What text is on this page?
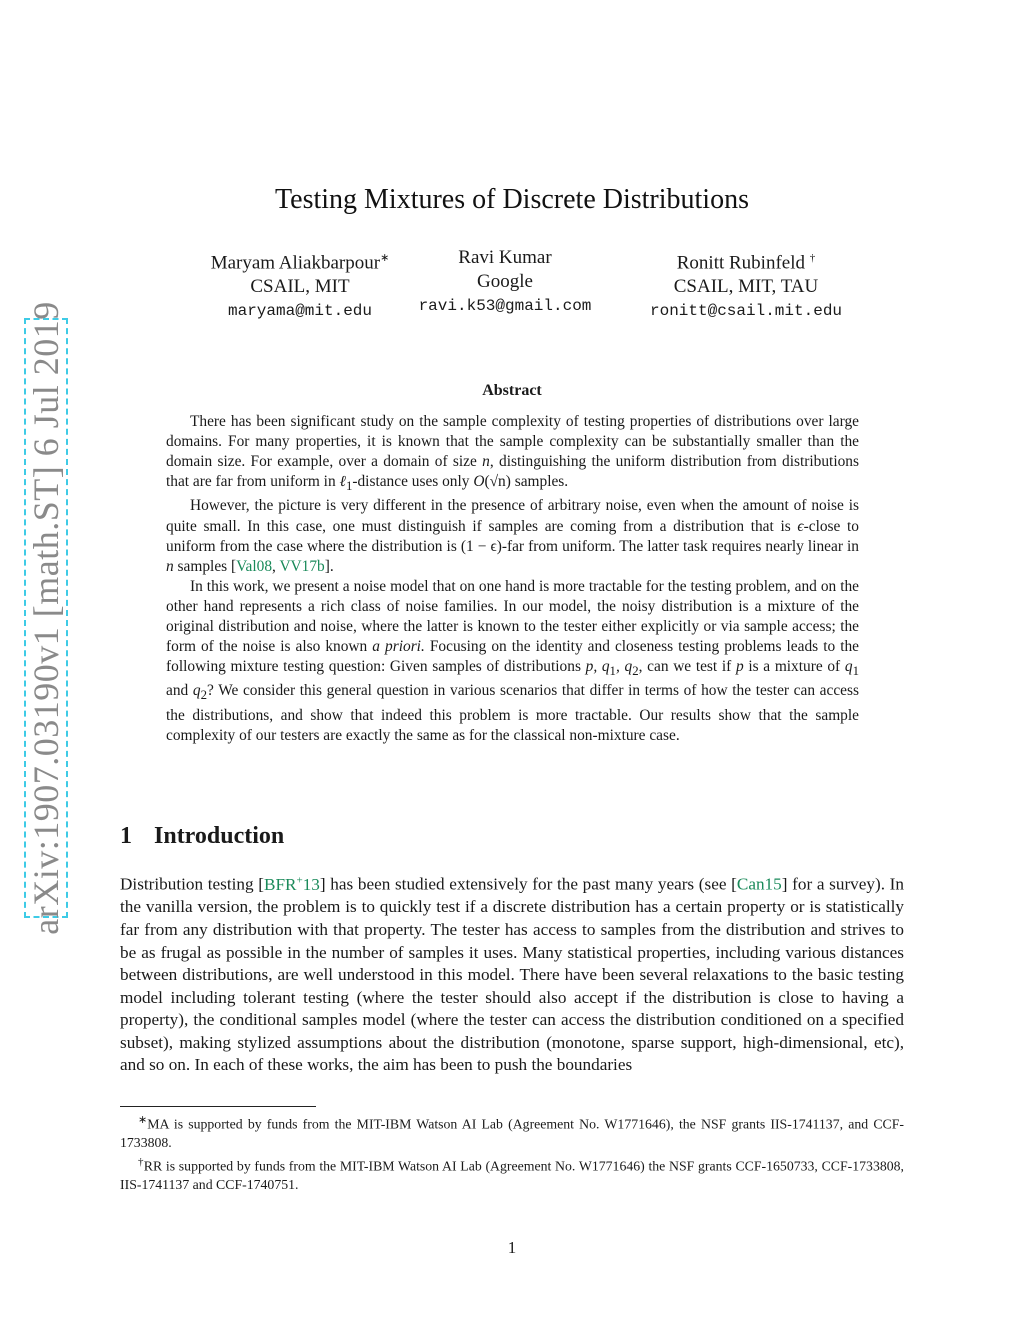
arXiv:1907.03190v1 [math.ST] 6 Jul 2019
Testing Mixtures of Discrete Distributions
Maryam Aliakbarpour∗
CSAIL, MIT
maryama@mit.edu
Ravi Kumar
Google
ravi.k53@gmail.com
Ronitt Rubinfeld †
CSAIL, MIT, TAU
ronitt@csail.mit.edu
Abstract

There has been significant study on the sample complexity of testing properties of distributions over large domains. For many properties, it is known that the sample complexity can be substantially smaller than the domain size. For example, over a domain of size n, distinguishing the uniform distribution from distributions that are far from uniform in ℓ$_1$-distance uses only O(√n) samples.

However, the picture is very different in the presence of arbitrary noise, even when the amount of noise is quite small. In this case, one must distinguish if samples are coming from a distribution that is ϵ-close to uniform from the case where the distribution is (1 − ϵ)-far from uniform. The latter task requires nearly linear in n samples [Val08, VV17b].

In this work, we present a noise model that on one hand is more tractable for the testing problem, and on the other hand represents a rich class of noise families. In our model, the noisy distribution is a mixture of the original distribution and noise, where the latter is known to the tester either explicitly or via sample access; the form of the noise is also known a priori. Focusing on the identity and closeness testing problems leads to the following mixture testing question: Given samples of distributions p, $q_1$, $q_2$, can we test if p is a mixture of $q_1$ and $q_2$? We consider this general question in various scenarios that differ in terms of how the tester can access the distributions, and show that indeed this problem is more tractable. Our results show that the sample complexity of our testers are exactly the same as for the classical non-mixture case.

1 Introduction
Distribution testing [BFR+13] has been studied extensively for the past many years (see [Can15] for a survey). In the vanilla version, the problem is to quickly test if a discrete distribution has a certain property or is statistically far from any distribution with that property. The tester has access to samples from the distribution and strives to be as frugal as possible in the number of samples it uses. Many statistical properties, including various distances between distributions, are well understood in this model. There have been several relaxations to the basic testing model including tolerant testing (where the tester should also accept if the distribution is close to having a property), the conditional samples model (where the tester can access the distribution conditioned on a specified subset), making stylized assumptions about the distribution (monotone, sparse support, high-dimensional, etc), and so on. In each of these works, the aim has been to push the boundaries

∗MA is supported by funds from the MIT-IBM Watson AI Lab (Agreement No. W1771646), the NSF grants IIS-1741137, and CCF-1733808.

†RR is supported by funds from the MIT-IBM Watson AI Lab (Agreement No. W1771646) the NSF grants CCF-1650733, CCF-1733808, IIS-1741137 and CCF-1740751.

1
